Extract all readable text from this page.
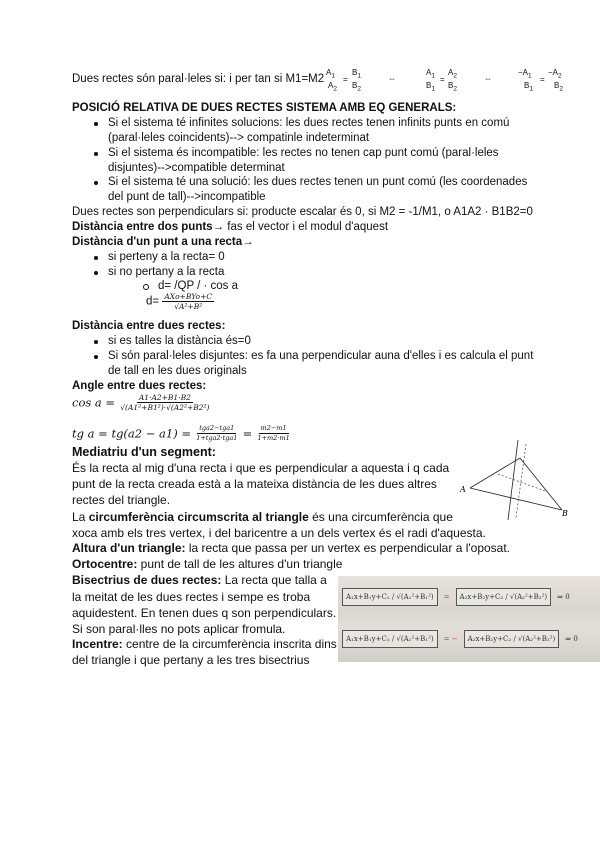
Dues rectes són paral·leles si: i per tan si M1=M2
$A_1$
$A_2$
=
$B_1$
$B_2$
⇔
$A_1$
$B_1$
=
$A_2$
$B_2$
⇔
$-A_1$
$B_1$
=
$-A_2$
$B_2$
POSICIÓ RELATIVA DE DUES RECTES SISTEMA AMB EQ GENERALS:
Si el sistema té infinites solucions: les dues rectes tenen infinits punts en comú
(paral·leles coincidents)--> compatinle indeterminat
Si el sistema és incompatible: les rectes no tenen cap punt comú (paral·leles
disjuntes)-->compatible determinat
Si el sistema té una solució: les dues rectes tenen un punt comú (les coordenades
del punt de tall)-->incompatible
Dues rectes son perpendiculars si: producte escalar és 0, si M2 = -1/M1, o A1A2 · B1B2=0
Distància entre dos punts→ fas el vector i el modul d'aquest
Distància d'un punt a una recta→
si perteny a la recta= 0
si no pertany a la recta
d= /QP / · cos a
$d= \frac{\text{AXo+BYo+C}}{\text{√A²+B²}}$
Distància entre dues rectes:
si es talles la distància és=0
Si són paral·leles disjuntes: es fa una perpendicular auna d'elles i es calcula el punt
de tall en les dues originals
Angle entre dues rectes:
$\cos a = \frac{A1\cdot A2+B1\cdot B2}{\text{√(A1²+B1²)·√(A2²+B2²)}}$
tg $a = tg(a2 - a1) = \frac{\text{tga2−tga1}}{\text{1+tga2·tga1}} = \frac{m2-m1}{1+m2\cdot m1}$
Mediatriu d'un segment:
És la recta al mig d'una recta i que es perpendicular a aquesta i q cada
punt de la recta creada està a la mateixa distància de les dues altres
rectes del triangle.
A
B
La circumferència circumscrita al triangle és una circumferència que
xoca amb els tres vertex, i del baricentre a un dels vertex és el radi d'aquesta.
Altura d'un triangle: la recta que passa per un vertex es perpendicular a l'oposat.
Ortocentre: punt de tall de les altures d'un triangle
Bisectrius de dues rectes: La recta que talla a
la meitat de les dues rectes i sempe es troba
aquidestent. En tenen dues q son perpendiculars.
Si son paral·lles no pots aplicar fromula.
Incentre: centre de la circumferència inscrita dins
del triangle i que pertany a les tres bisectrius
A₁x+B₁y+C₁ / √(A₁²+B₁²)	=	A₂x+B₂y+C₂ / √(A₂²+B₂²)	⇒ 0
A₁x+B₁y+C₁ / √(A₁²+B₁²)	= −	A₂x+B₂y+C₂ / √(A₂²+B₂²)	⇒ 0
